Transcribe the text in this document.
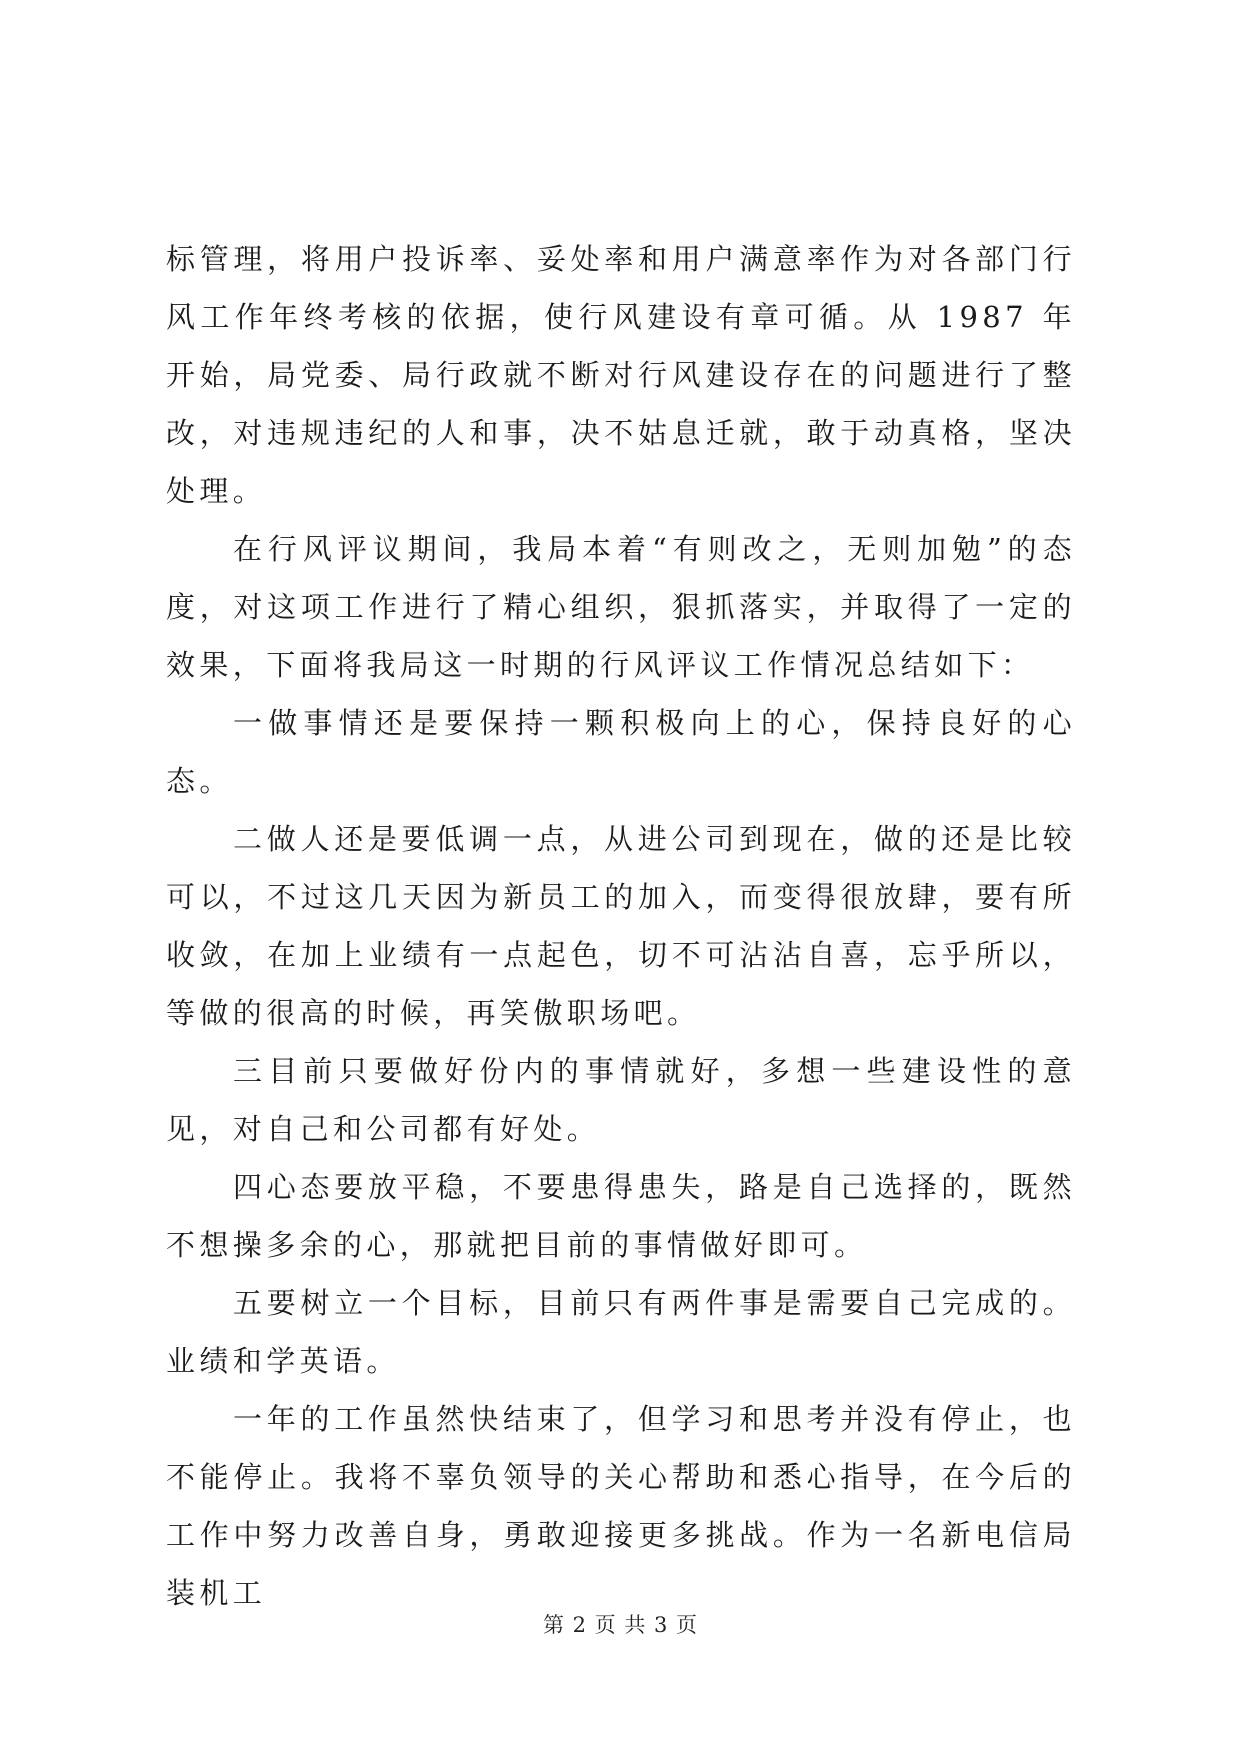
标管理，将用户投诉率、妥处率和用户满意率作为对各部门行风工作年终考核的依据，使行风建设有章可循。从 1987 年开始，局党委、局行政就不断对行风建设存在的问题进行了整改，对违规违纪的人和事，决不姑息迁就，敢于动真格，坚决处理。

在行风评议期间，我局本着“有则改之，无则加勉”的态度，对这项工作进行了精心组织，狠抓落实，并取得了一定的效果，下面将我局这一时期的行风评议工作情况总结如下：

一做事情还是要保持一颗积极向上的心，保持良好的心态。

二做人还是要低调一点，从进公司到现在，做的还是比较可以，不过这几天因为新员工的加入，而变得很放肆，要有所收敛，在加上业绩有一点起色，切不可沾沾自喜，忘乎所以，等做的很高的时候，再笑傲职场吧。

三目前只要做好份内的事情就好，多想一些建设性的意见，对自己和公司都有好处。

四心态要放平稳，不要患得患失，路是自己选择的，既然不想操多余的心，那就把目前的事情做好即可。

五要树立一个目标，目前只有两件事是需要自己完成的。业绩和学英语。

一年的工作虽然快结束了，但学习和思考并没有停止，也不能停止。我将不辜负领导的关心帮助和悉心指导，在今后的工作中努力改善自身，勇敢迎接更多挑战。作为一名新电信局装机工

第 2 页 共 3 页
